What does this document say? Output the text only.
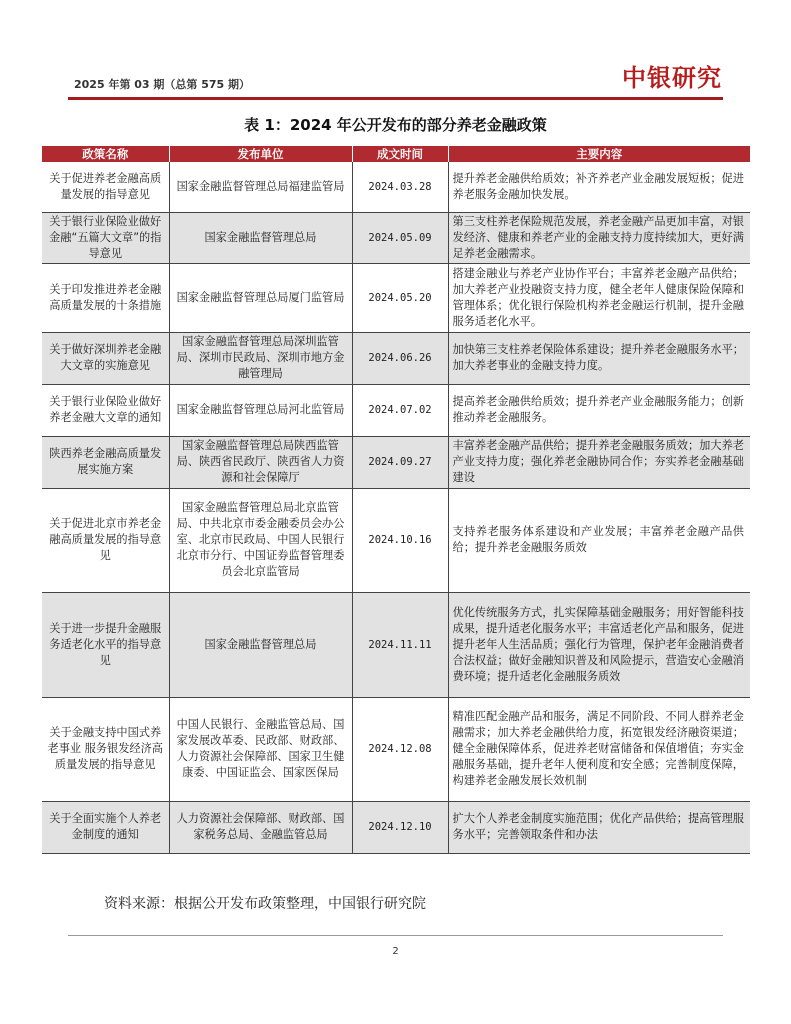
2025 年第 03 期（总第 575 期）	中银研究
表 1：2024 年公开发布的部分养老金融政策
政策名称	发布单位	成文时间	主要内容
关于促进养老金融高质量发展的指导意见	国家金融监督管理总局福建监管局	2024.03.28	提升养老金融供给质效；补齐养老产业金融发展短板；促进养老服务金融加快发展。
关于银行业保险业做好金融“五篇大文章”的指导意见	国家金融监督管理总局	2024.05.09	第三支柱养老保险规范发展，养老金融产品更加丰富，对银发经济、健康和养老产业的金融支持力度持续加大，更好满足养老金融需求。
关于印发推进养老金融高质量发展的十条措施	国家金融监督管理总局厦门监管局	2024.05.20	搭建金融业与养老产业协作平台；丰富养老金融产品供给；加大养老产业投融资支持力度，健全老年人健康保险保障和管理体系；优化银行保险机构养老金融运行机制，提升金融服务适老化水平。
关于做好深圳养老金融大文章的实施意见	国家金融监督管理总局深圳监管局、深圳市民政局、深圳市地方金融管理局	2024.06.26	加快第三支柱养老保险体系建设；提升养老金融服务水平；加大养老事业的金融支持力度。
关于银行业保险业做好养老金融大文章的通知	国家金融监督管理总局河北监管局	2024.07.02	提高养老金融供给质效；提升养老产业金融服务能力；创新推动养老金融服务。
陕西养老金融高质量发展实施方案	国家金融监督管理总局陕西监管局、陕西省民政厅、陕西省人力资源和社会保障厅	2024.09.27	丰富养老金融产品供给；提升养老金融服务质效；加大养老产业支持力度；强化养老金融协同合作；夯实养老金融基础建设
关于促进北京市养老金融高质量发展的指导意见	国家金融监督管理总局北京监管局、中共北京市委金融委员会办公室、北京市民政局、中国人民银行北京市分行、中国证券监督管理委员会北京监管局	2024.10.16	支持养老服务体系建设和产业发展；丰富养老金融产品供给；提升养老金融服务质效
关于进一步提升金融服务适老化水平的指导意见	国家金融监督管理总局	2024.11.11	优化传统服务方式，扎实保障基础金融服务；用好智能科技成果，提升适老化服务水平；丰富适老化产品和服务，促进提升老年人生活品质；强化行为管理，保护老年金融消费者合法权益；做好金融知识普及和风险提示，营造安心金融消费环境；提升适老化金融服务质效
关于金融支持中国式养老事业 服务银发经济高质量发展的指导意见	中国人民银行、金融监管总局、国家发展改革委、民政部、财政部、人力资源社会保障部、国家卫生健康委、中国证监会、国家医保局	2024.12.08	精准匹配金融产品和服务，满足不同阶段、不同人群养老金融需求；加大养老金融供给力度，拓宽银发经济融资渠道；健全金融保障体系，促进养老财富储备和保值增值；夯实金融服务基础，提升老年人便利度和安全感；完善制度保障，构建养老金融发展长效机制
关于全面实施个人养老金制度的通知	人力资源社会保障部、财政部、国家税务总局、金融监管总局	2024.12.10	扩大个人养老金制度实施范围；优化产品供给；提高管理服务水平；完善领取条件和办法
资料来源：根据公开发布政策整理，中国银行研究院
2
